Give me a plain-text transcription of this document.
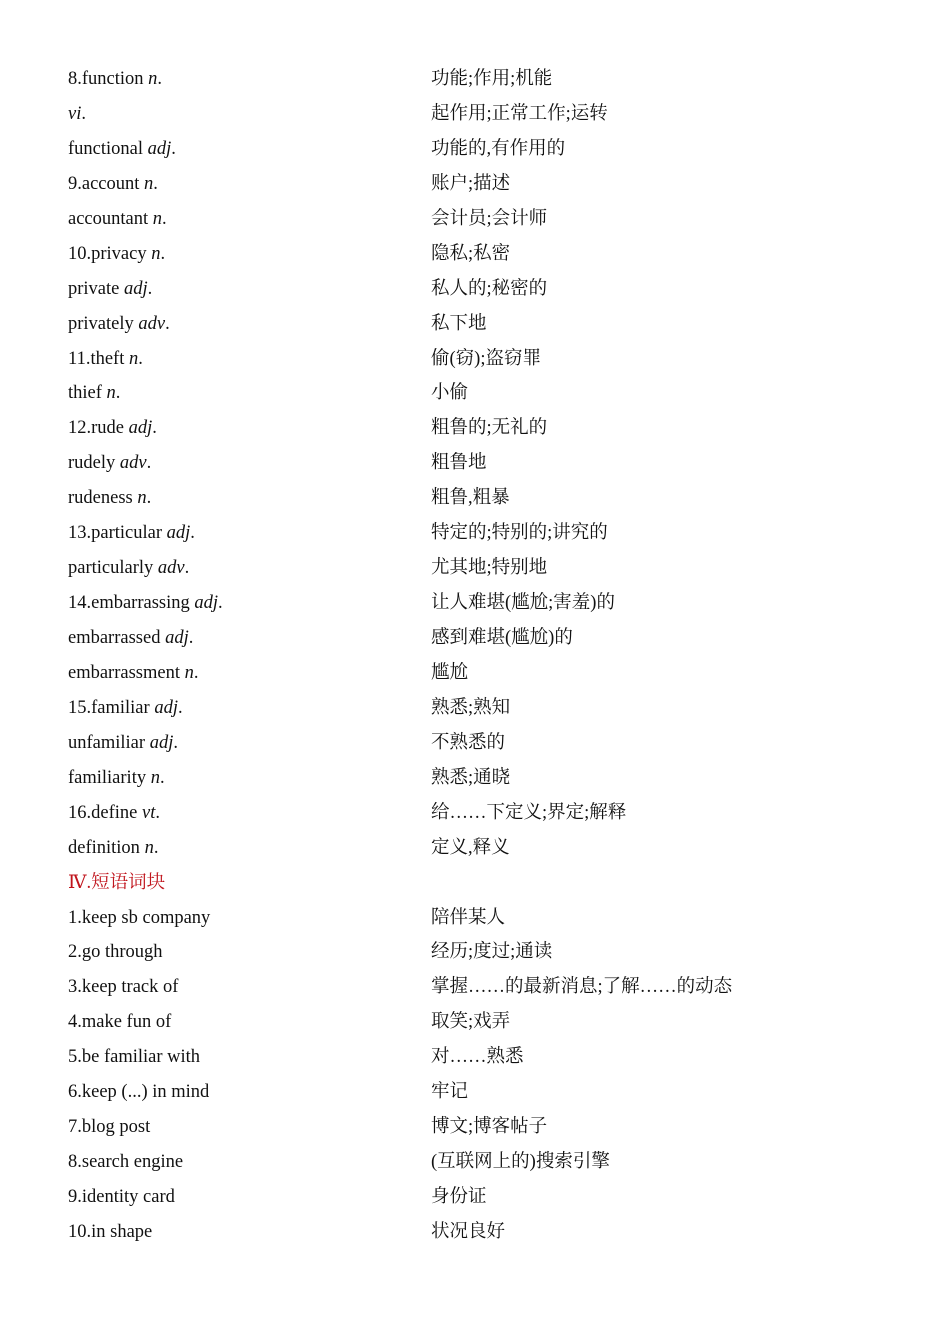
8.function n.	功能;作用;机能
vi.	起作用;正常工作;运转
functional adj.	功能的,有作用的
9.account n.	账户;描述
accountant n.	会计员;会计师
10.privacy n.	隐私;私密
private adj.	私人的;秘密的
privately adv.	私下地
11.theft n.	偷(窃);盗窃罪
thief n.	小偷
12.rude adj.	粗鲁的;无礼的
rudely adv.	粗鲁地
rudeness n.	粗鲁,粗暴
13.particular adj.	特定的;特别的;讲究的
particularly adv.	尤其地;特别地
14.embarrassing adj.	让人难堪(尴尬;害羞)的
embarrassed adj.	感到难堪(尴尬)的
embarrassment n.	尴尬
15.familiar adj.	熟悉;熟知
unfamiliar adj.	不熟悉的
familiarity n.	熟悉;通晓
16.define vt.	给……下定义;界定;解释
definition n.	定义,释义
Ⅳ.短语词块
1.keep sb company	陪伴某人
2.go through	经历;度过;通读
3.keep track of	掌握……的最新消息;了解……的动态
4.make fun of	取笑;戏弄
5.be familiar with	对……熟悉
6.keep (...) in mind	牢记
7.blog post	博文;博客帖子
8.search engine	(互联网上的)搜索引擎
9.identity card	身份证
10.in shape	状况良好
